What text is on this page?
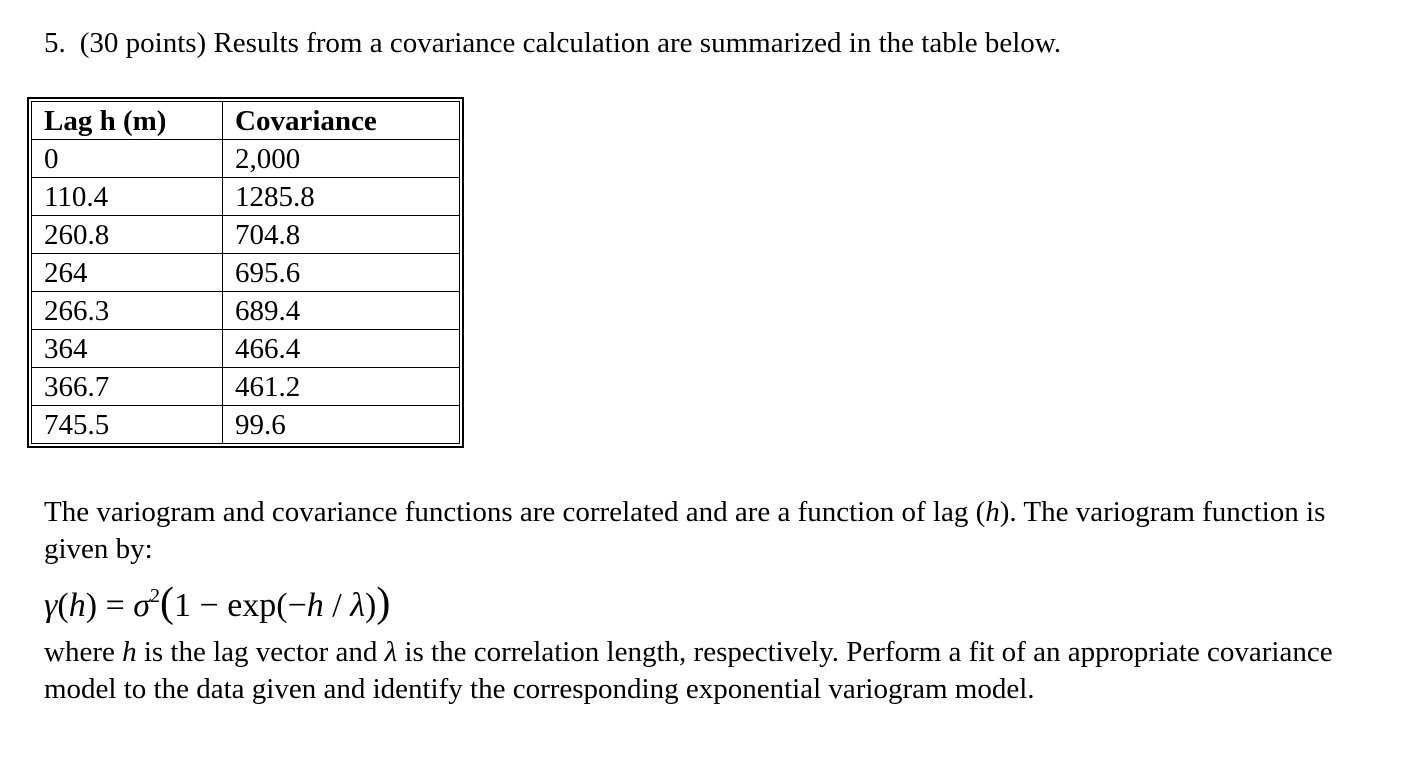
5. (30 points) Results from a covariance calculation are summarized in the table below.
Lag h (m)	Covariance
0	2,000
110.4	1285.8
260.8	704.8
264	695.6
266.3	689.4
364	466.4
366.7	461.2
745.5	99.6
The variogram and covariance functions are correlated and are a function of lag (h). The variogram function is given by:
$\gamma(h) = \sigma^2(1 - \exp(-h / \lambda))$
where h is the lag vector and λ is the correlation length, respectively. Perform a fit of an appropriate covariance model to the data given and identify the corresponding exponential variogram model.
